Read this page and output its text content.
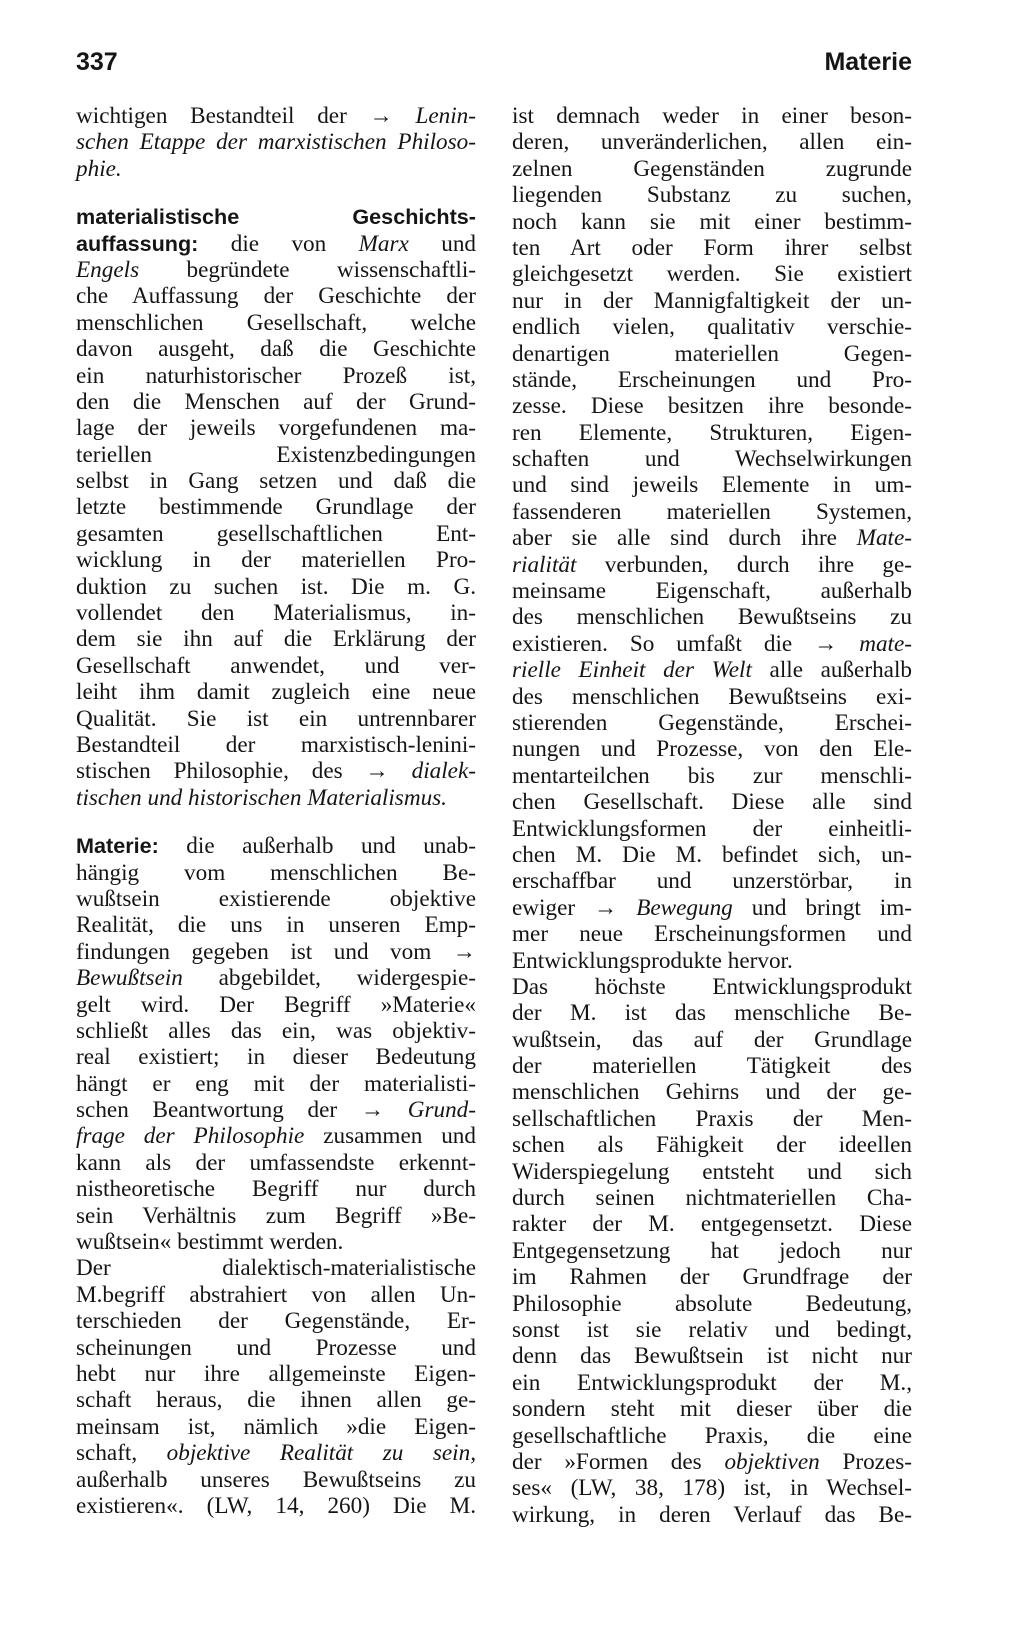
337	Materie
wichtigen Bestandteil der → Lenin-
schen Etappe der marxistischen Philoso-
phie.
materialistische Geschichts-
auffassung: die von Marx und
Engels begründete wissenschaftli-
che Auffassung der Geschichte der
menschlichen Gesellschaft, welche
davon ausgeht, daß die Geschichte
ein naturhistorischer Prozeß ist,
den die Menschen auf der Grund-
lage der jeweils vorgefundenen ma-
teriellen Existenzbedingungen
selbst in Gang setzen und daß die
letzte bestimmende Grundlage der
gesamten gesellschaftlichen Ent-
wicklung in der materiellen Pro-
duktion zu suchen ist. Die m. G.
vollendet den Materialismus, in-
dem sie ihn auf die Erklärung der
Gesellschaft anwendet, und ver-
leiht ihm damit zugleich eine neue
Qualität. Sie ist ein untrennbarer
Bestandteil der marxistisch-lenini-
stischen Philosophie, des → dialek-
tischen und historischen Materialismus.
Materie: die außerhalb und unab-
hängig vom menschlichen Be-
wußtsein existierende objektive
Realität, die uns in unseren Emp-
findungen gegeben ist und vom →
Bewußtsein abgebildet, widergespie-
gelt wird. Der Begriff »Materie«
schließt alles das ein, was objektiv-
real existiert; in dieser Bedeutung
hängt er eng mit der materialisti-
schen Beantwortung der → Grund-
frage der Philosophie zusammen und
kann als der umfassendste erkennt-
nistheoretische Begriff nur durch
sein Verhältnis zum Begriff »Be-
wußtsein« bestimmt werden.
Der dialektisch-materialistische
M.begriff abstrahiert von allen Un-
terschieden der Gegenstände, Er-
scheinungen und Prozesse und
hebt nur ihre allgemeinste Eigen-
schaft heraus, die ihnen allen ge-
meinsam ist, nämlich »die Eigen-
schaft, objektive Realität zu sein,
außerhalb unseres Bewußtseins zu
existieren«. (LW, 14, 260) Die M.
ist demnach weder in einer beson-
deren, unveränderlichen, allen ein-
zelnen Gegenständen zugrunde
liegenden Substanz zu suchen,
noch kann sie mit einer bestimm-
ten Art oder Form ihrer selbst
gleichgesetzt werden. Sie existiert
nur in der Mannigfaltigkeit der un-
endlich vielen, qualitativ verschie-
denartigen materiellen Gegen-
stände, Erscheinungen und Pro-
zesse. Diese besitzen ihre besonde-
ren Elemente, Strukturen, Eigen-
schaften und Wechselwirkungen
und sind jeweils Elemente in um-
fassenderen materiellen Systemen,
aber sie alle sind durch ihre Mate-
rialität verbunden, durch ihre ge-
meinsame Eigenschaft, außerhalb
des menschlichen Bewußtseins zu
existieren. So umfaßt die → mate-
rielle Einheit der Welt alle außerhalb
des menschlichen Bewußtseins exi-
stierenden Gegenstände, Erschei-
nungen und Prozesse, von den Ele-
mentarteilchen bis zur menschli-
chen Gesellschaft. Diese alle sind
Entwicklungsformen der einheitli-
chen M. Die M. befindet sich, un-
erschaffbar und unzerstörbar, in
ewiger → Bewegung und bringt im-
mer neue Erscheinungsformen und
Entwicklungsprodukte hervor.
Das höchste Entwicklungsprodukt
der M. ist das menschliche Be-
wußtsein, das auf der Grundlage
der materiellen Tätigkeit des
menschlichen Gehirns und der ge-
sellschaftlichen Praxis der Men-
schen als Fähigkeit der ideellen
Widerspiegelung entsteht und sich
durch seinen nichtmateriellen Cha-
rakter der M. entgegensetzt. Diese
Entgegensetzung hat jedoch nur
im Rahmen der Grundfrage der
Philosophie absolute Bedeutung,
sonst ist sie relativ und bedingt,
denn das Bewußtsein ist nicht nur
ein Entwicklungsprodukt der M.,
sondern steht mit dieser über die
gesellschaftliche Praxis, die eine
der »Formen des objektiven Prozes-
ses« (LW, 38, 178) ist, in Wechsel-
wirkung, in deren Verlauf das Be-
